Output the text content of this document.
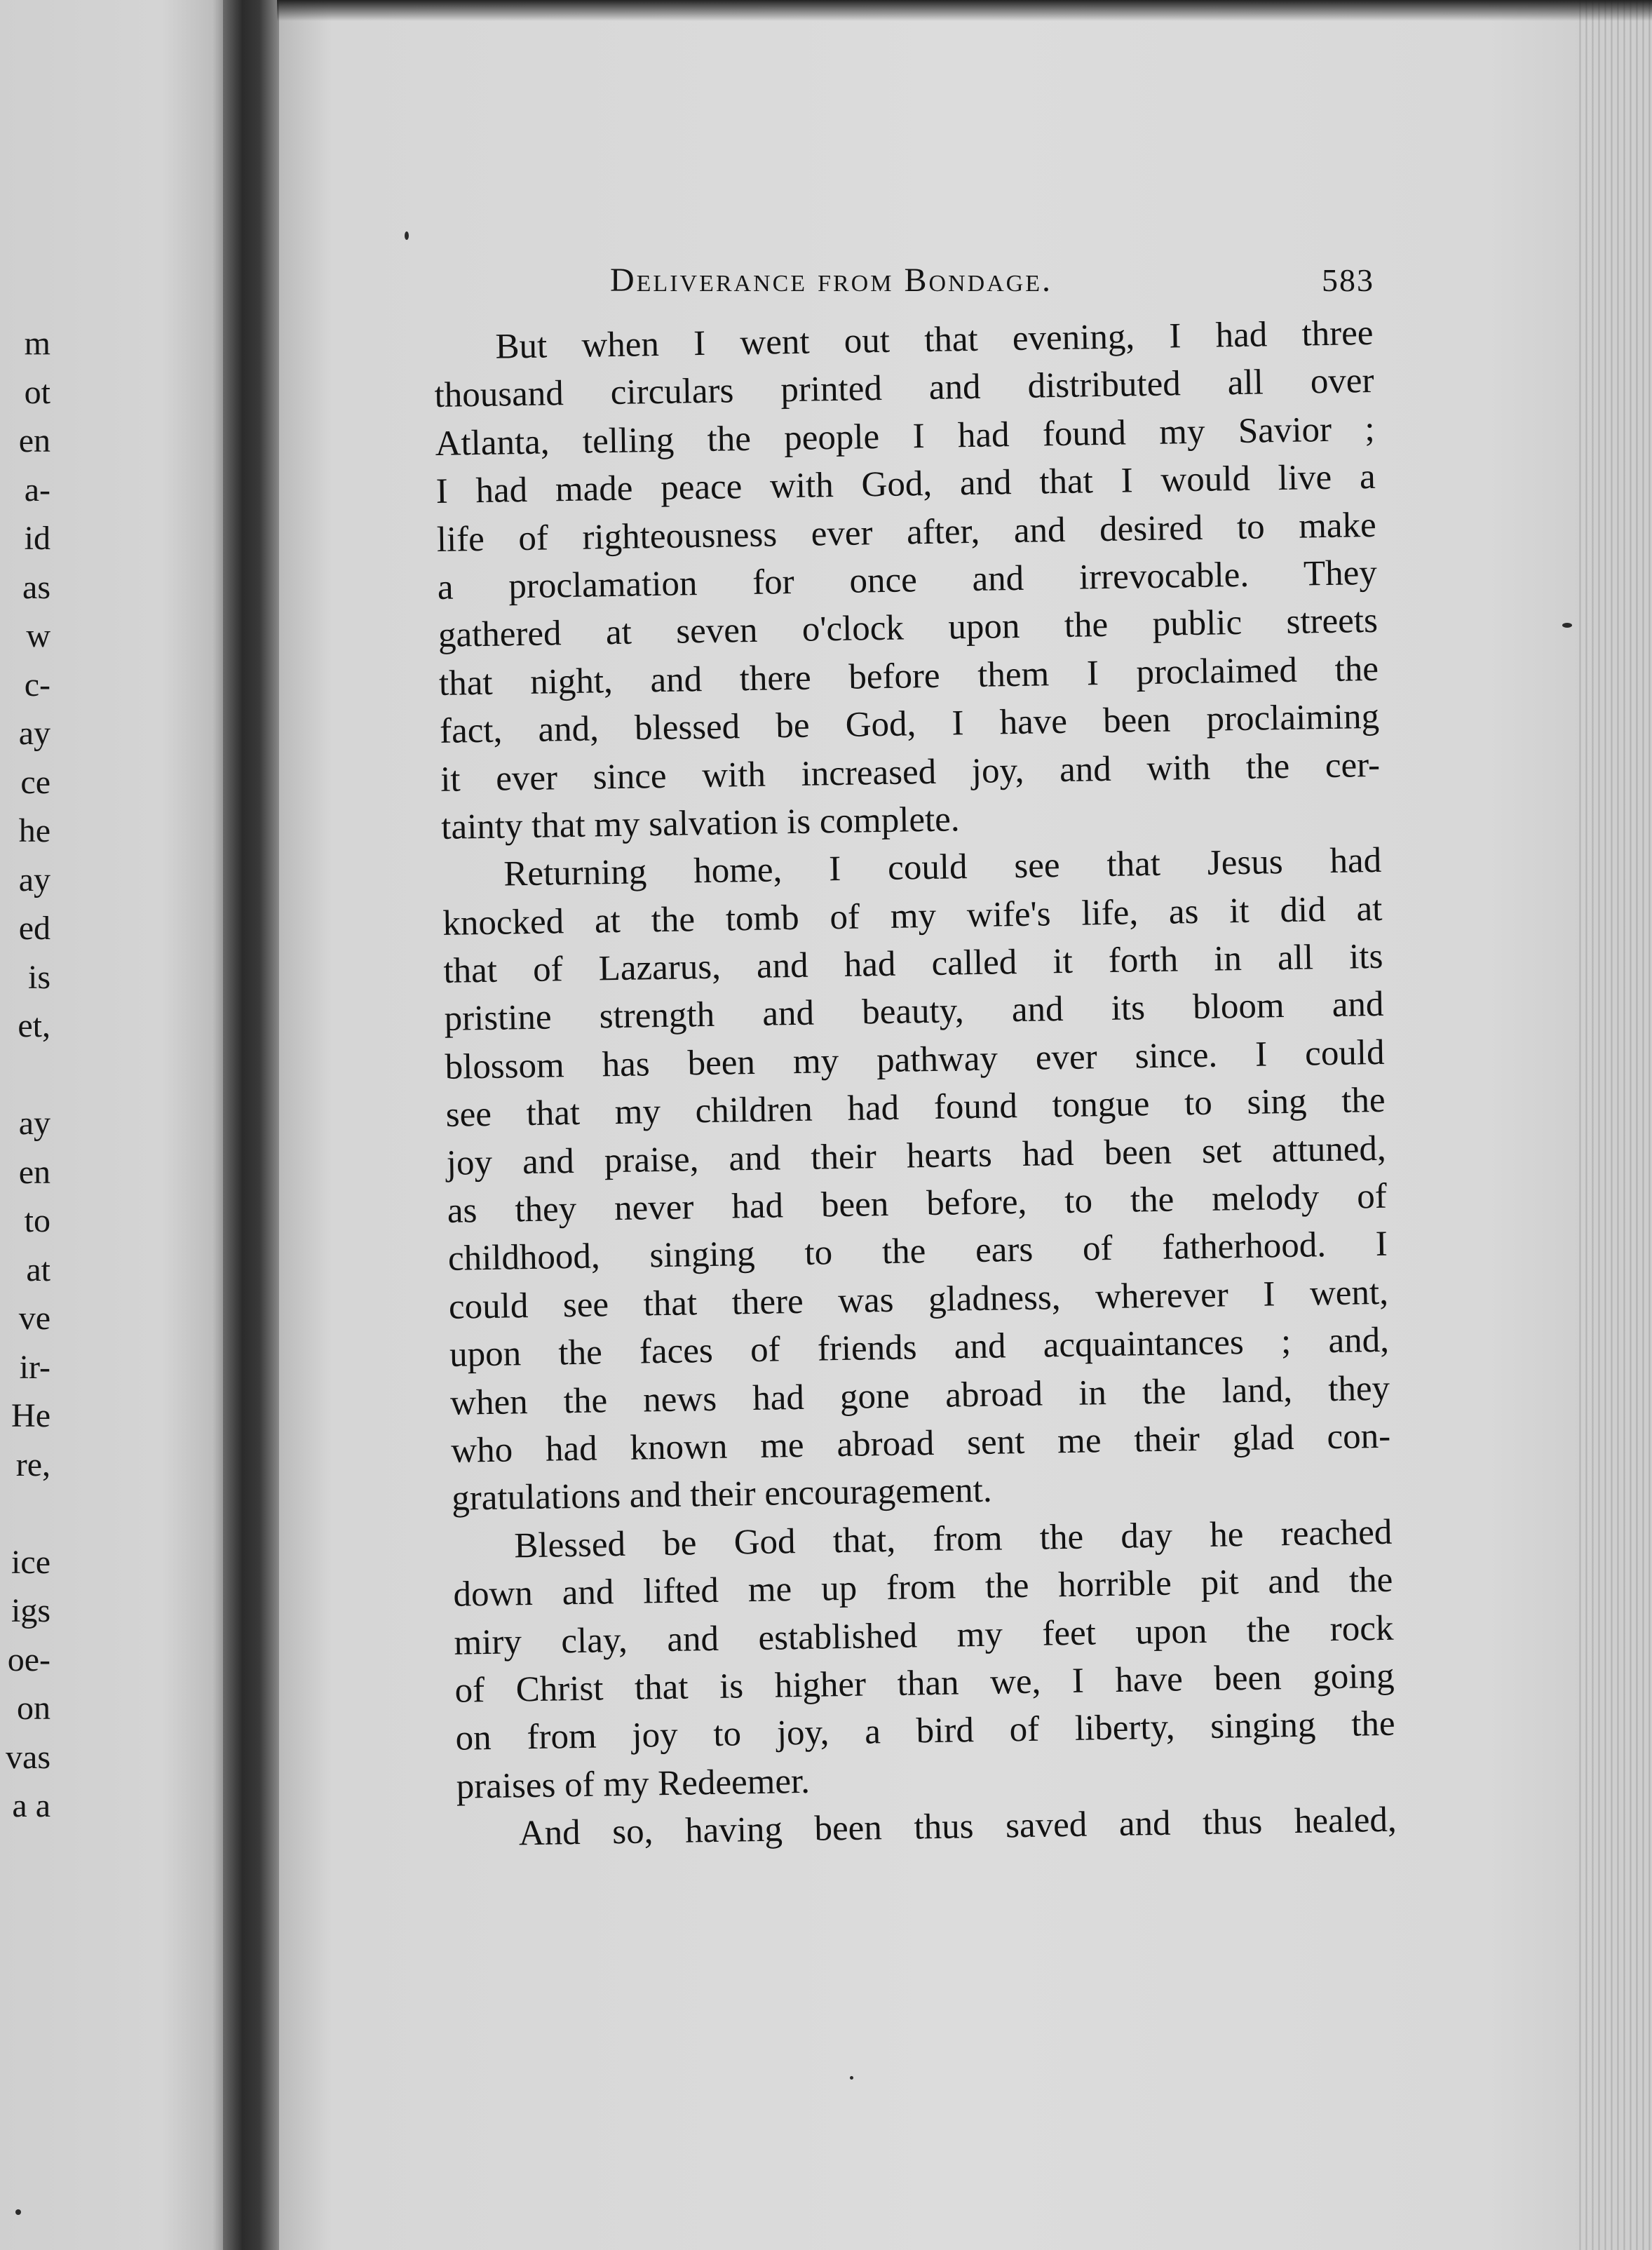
m
ot
en
a-
id
as
w
c-
ay
ce
he
ay
ed
is
et,
ay
en
to
at
ve
ir-
He
re,
ice
igs
oe-
on
vas
a a
Deliverance from Bondage.	583
But when I went out that evening, I had three
thousand circulars printed and distributed all over
Atlanta, telling the people I had found my Savior ;
I had made peace with God, and that I would live a
life of righteousness ever after, and desired to make
a proclamation for once and irrevocable. They
gathered at seven o'clock upon the public streets
that night, and there before them I proclaimed the
fact, and, blessed be God, I have been proclaiming
it ever since with increased joy, and with the cer-
tainty that my salvation is complete.
Returning home, I could see that Jesus had
knocked at the tomb of my wife's life, as it did at
that of Lazarus, and had called it forth in all its
pristine strength and beauty, and its bloom and
blossom has been my pathway ever since. I could
see that my children had found tongue to sing the
joy and praise, and their hearts had been set attuned,
as they never had been before, to the melody of
childhood, singing to the ears of fatherhood. I
could see that there was gladness, wherever I went,
upon the faces of friends and acquaintances ; and,
when the news had gone abroad in the land, they
who had known me abroad sent me their glad con-
gratulations and their encouragement.
Blessed be God that, from the day he reached
down and lifted me up from the horrible pit and the
miry clay, and established my feet upon the rock
of Christ that is higher than we, I have been going
on from joy to joy, a bird of liberty, singing the
praises of my Redeemer.
And so, having been thus saved and thus healed,
